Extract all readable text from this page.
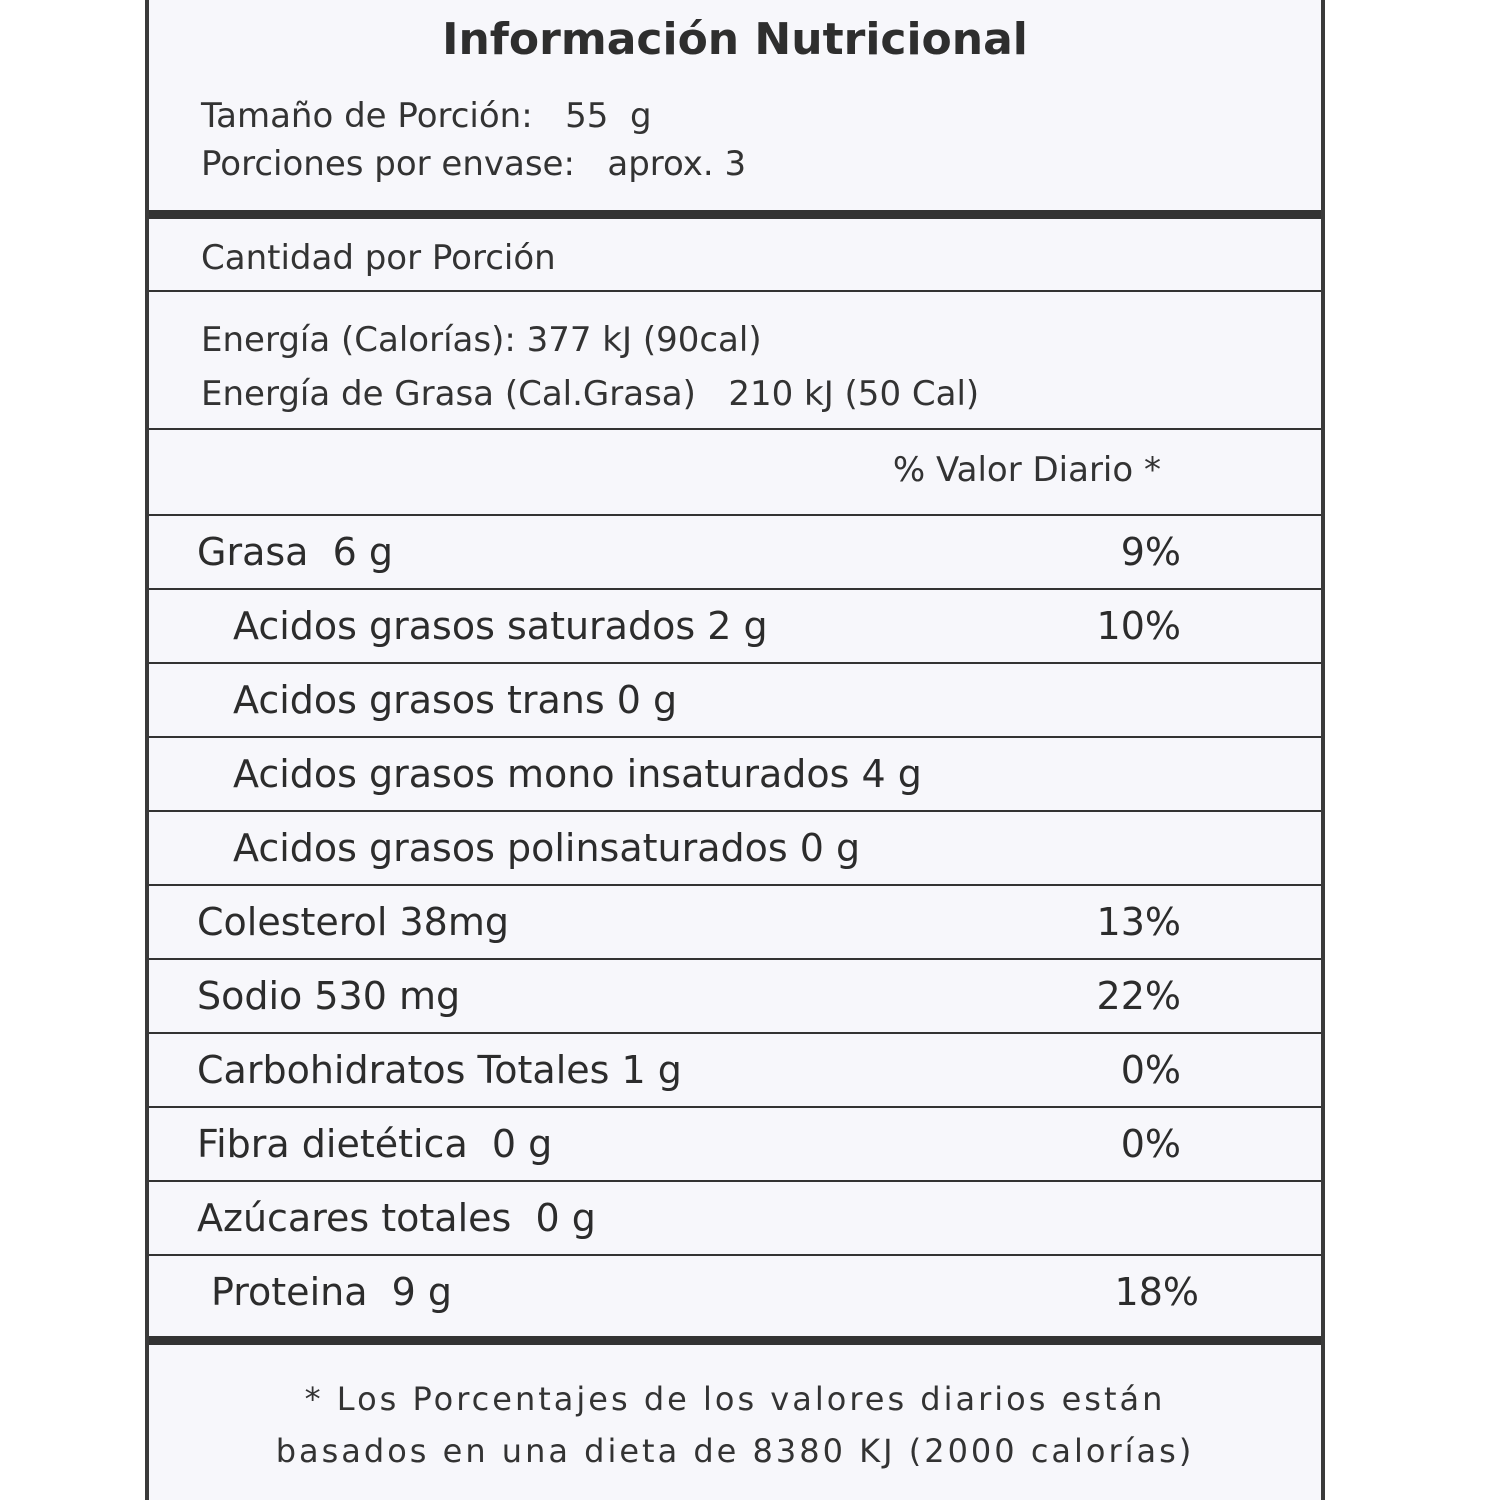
Información Nutricional
Tamaño de Porción:   55  g
Porciones por envase:   aprox. 3
Cantidad por Porción
Energía (Calorías): 377 kJ (90cal)
Energía de Grasa (Cal.Grasa)   210 kJ (50 Cal)
% Valor Diario *
Grasa  6 g	9%
Acidos grasos saturados 2 g	10%
Acidos grasos trans 0 g
Acidos grasos mono insaturados 4 g
Acidos grasos polinsaturados 0 g
Colesterol 38mg	13%
Sodio 530 mg	22%
Carbohidratos Totales 1 g	0%
Fibra dietética  0 g	0%
Azúcares totales  0 g
Proteina  9 g	18%
* Los Porcentajes de los valores diarios están
basados en una dieta de 8380 KJ (2000 calorías)
